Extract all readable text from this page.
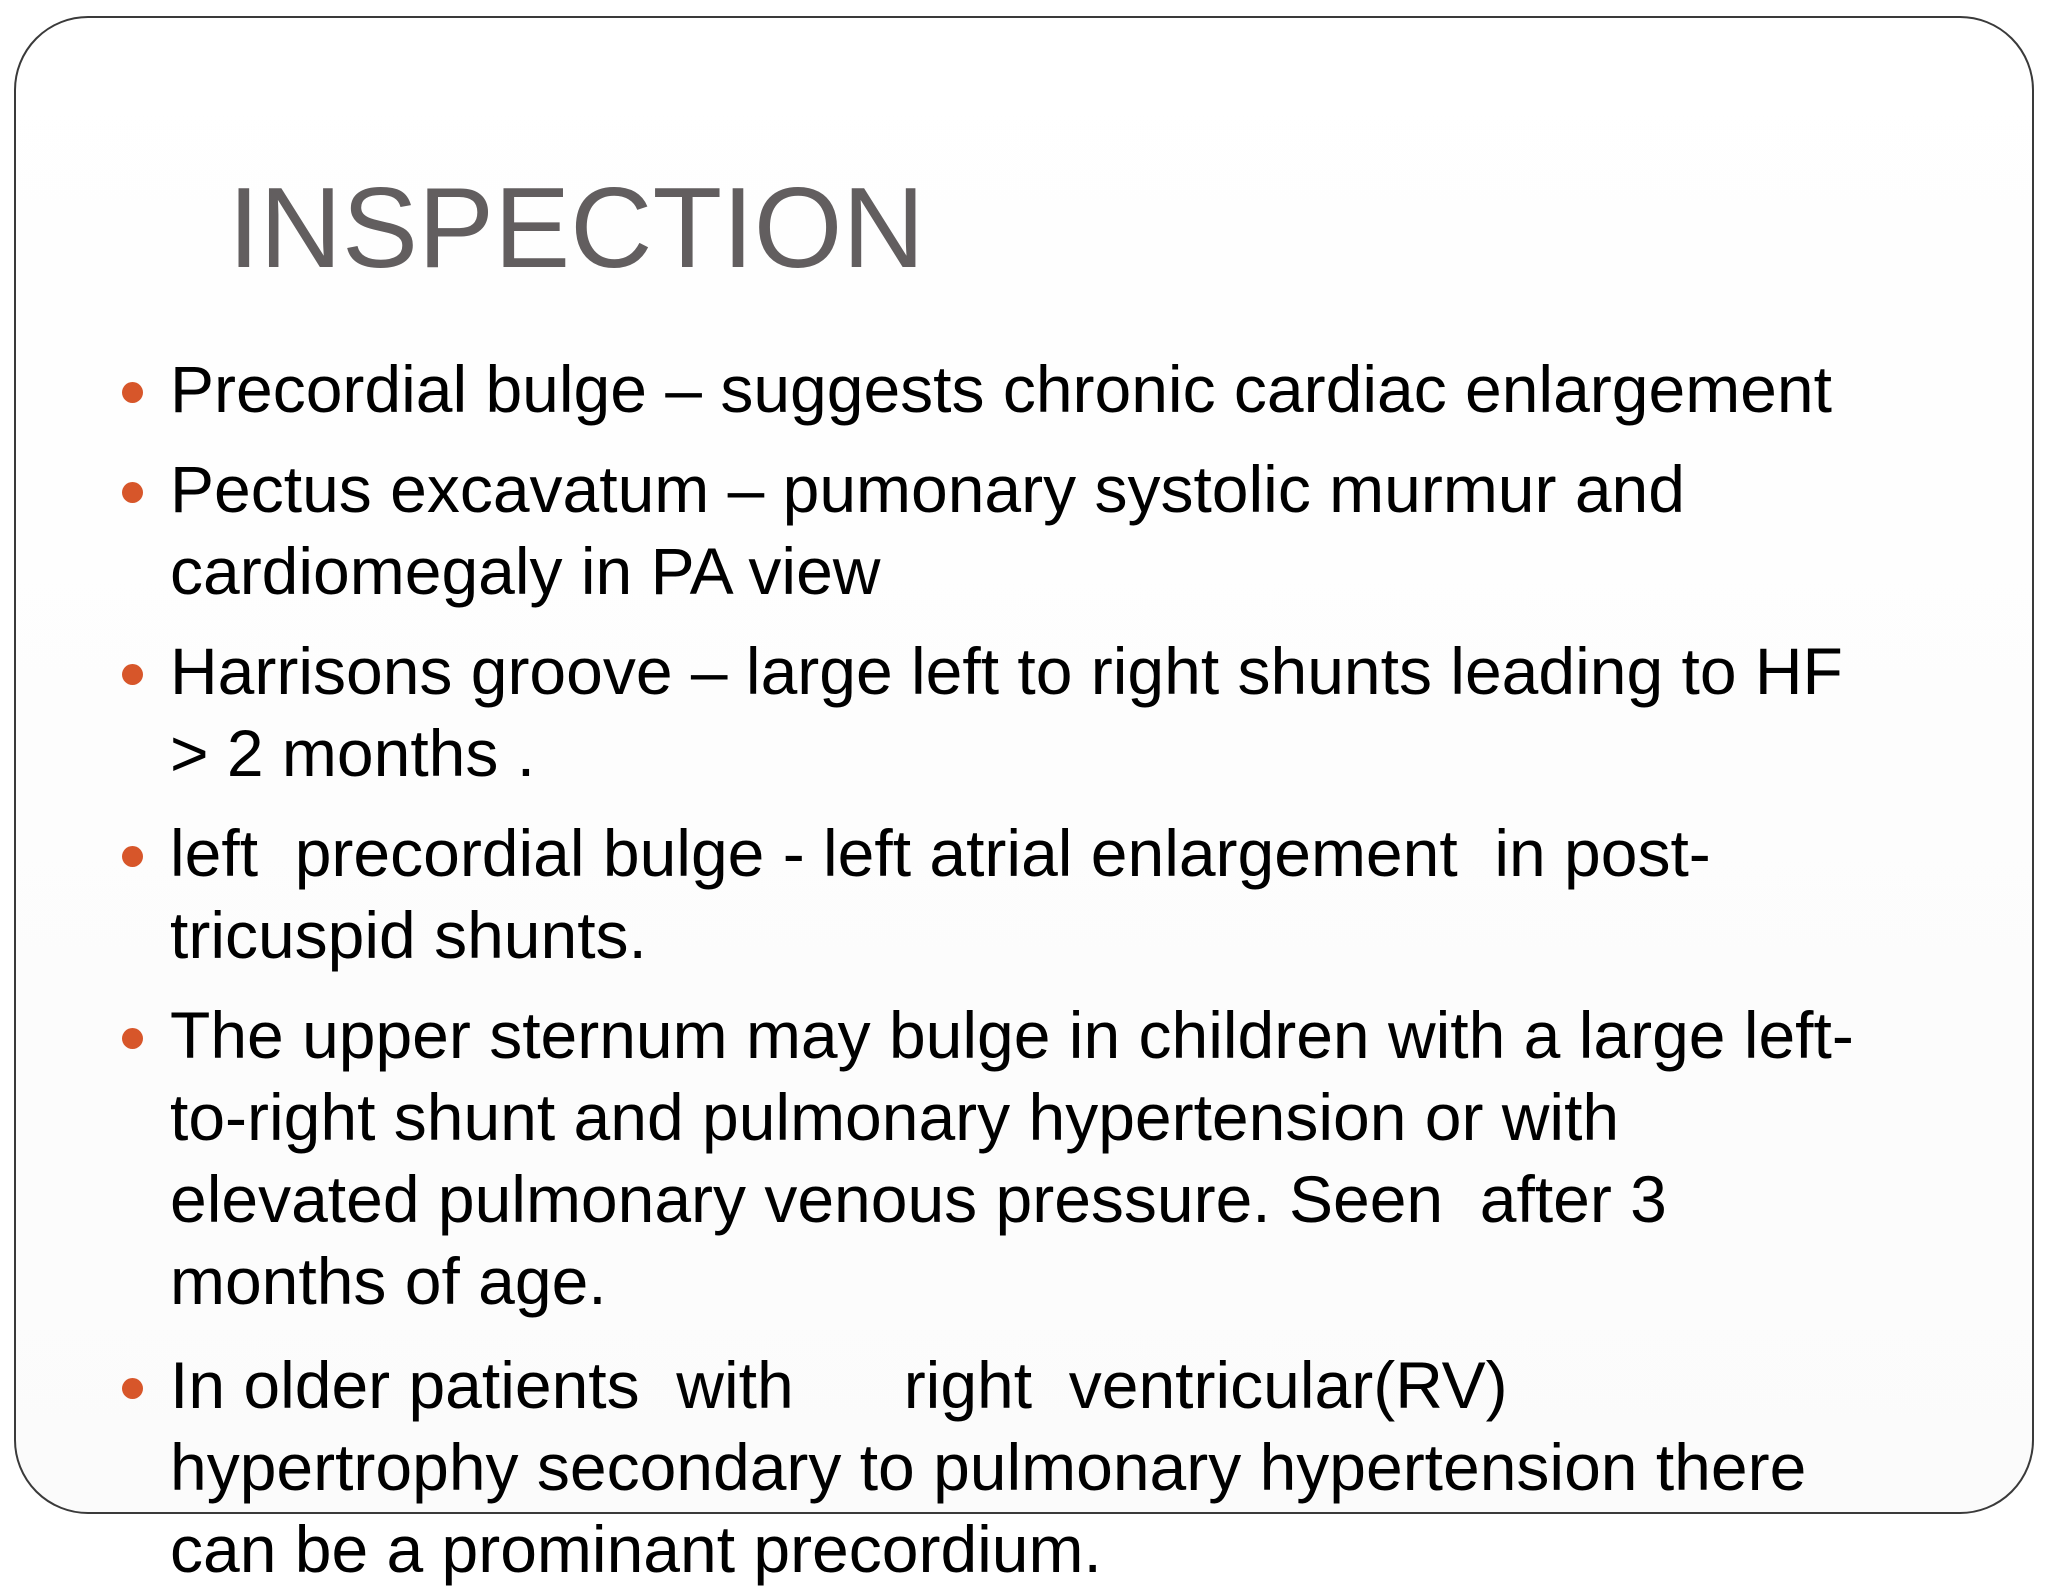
INSPECTION
Precordial bulge – suggests chronic cardiac enlargement
Pectus excavatum – pumonary systolic murmur and
cardiomegaly in PA view
Harrisons groove – large left to right shunts leading to HF
> 2 months .
left  precordial bulge - left atrial enlargement  in post-
tricuspid shunts.
The upper sternum may bulge in children with a large left-
to-right shunt and pulmonary hypertension or with
elevated pulmonary venous pressure. Seen  after 3
months of age.
In older patients  with      right  ventricular(RV)
hypertrophy secondary to pulmonary hypertension there
can be a prominant precordium.
